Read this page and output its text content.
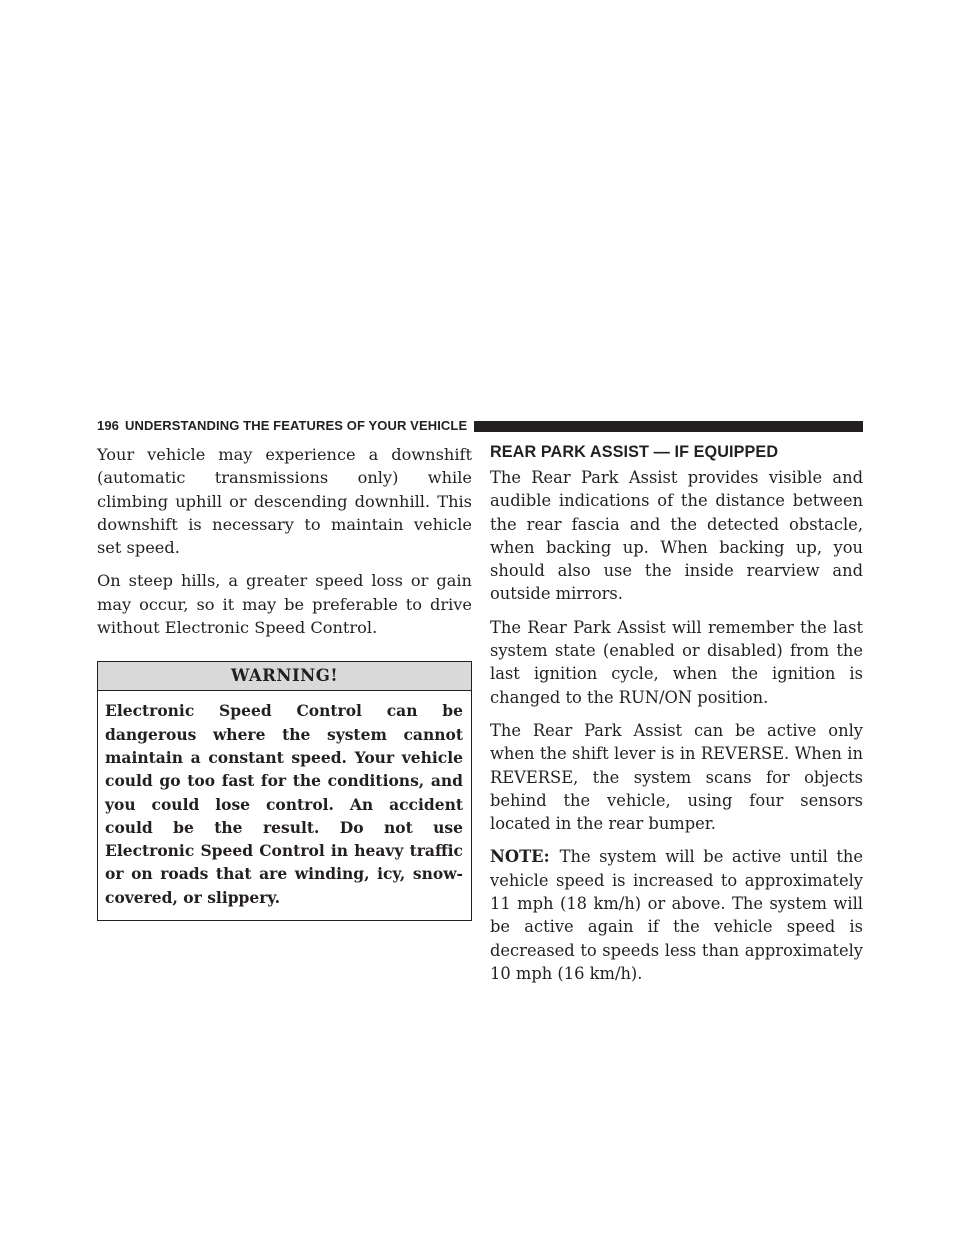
196 UNDERSTANDING THE FEATURES OF YOUR VEHICLE

Your vehicle may experience a downshift (automatic transmissions only) while climbing uphill or descending downhill. This downshift is necessary to maintain vehicle set speed.

On steep hills, a greater speed loss or gain may occur, so it may be preferable to drive without Electronic Speed Control.

WARNING!
Electronic Speed Control can be dangerous where the system cannot maintain a constant speed. Your vehicle could go too fast for the conditions, and you could lose control. An accident could be the result. Do not use Electronic Speed Control in heavy traffic or on roads that are winding, icy, snow-covered, or slippery.
REAR PARK ASSIST — IF EQUIPPED

The Rear Park Assist provides visible and audible indications of the distance between the rear fascia and the detected obstacle, when backing up. When backing up, you should also use the inside rearview and outside mirrors.

The Rear Park Assist will remember the last system state (enabled or disabled) from the last ignition cycle, when the ignition is changed to the RUN/ON position.

The Rear Park Assist can be active only when the shift lever is in REVERSE. When in REVERSE, the system scans for objects behind the vehicle, using four sensors located in the rear bumper.

NOTE: The system will be active until the vehicle speed is increased to approximately 11 mph (18 km/h) or above. The system will be active again if the vehicle speed is decreased to speeds less than approximately 10 mph (16 km/h).
